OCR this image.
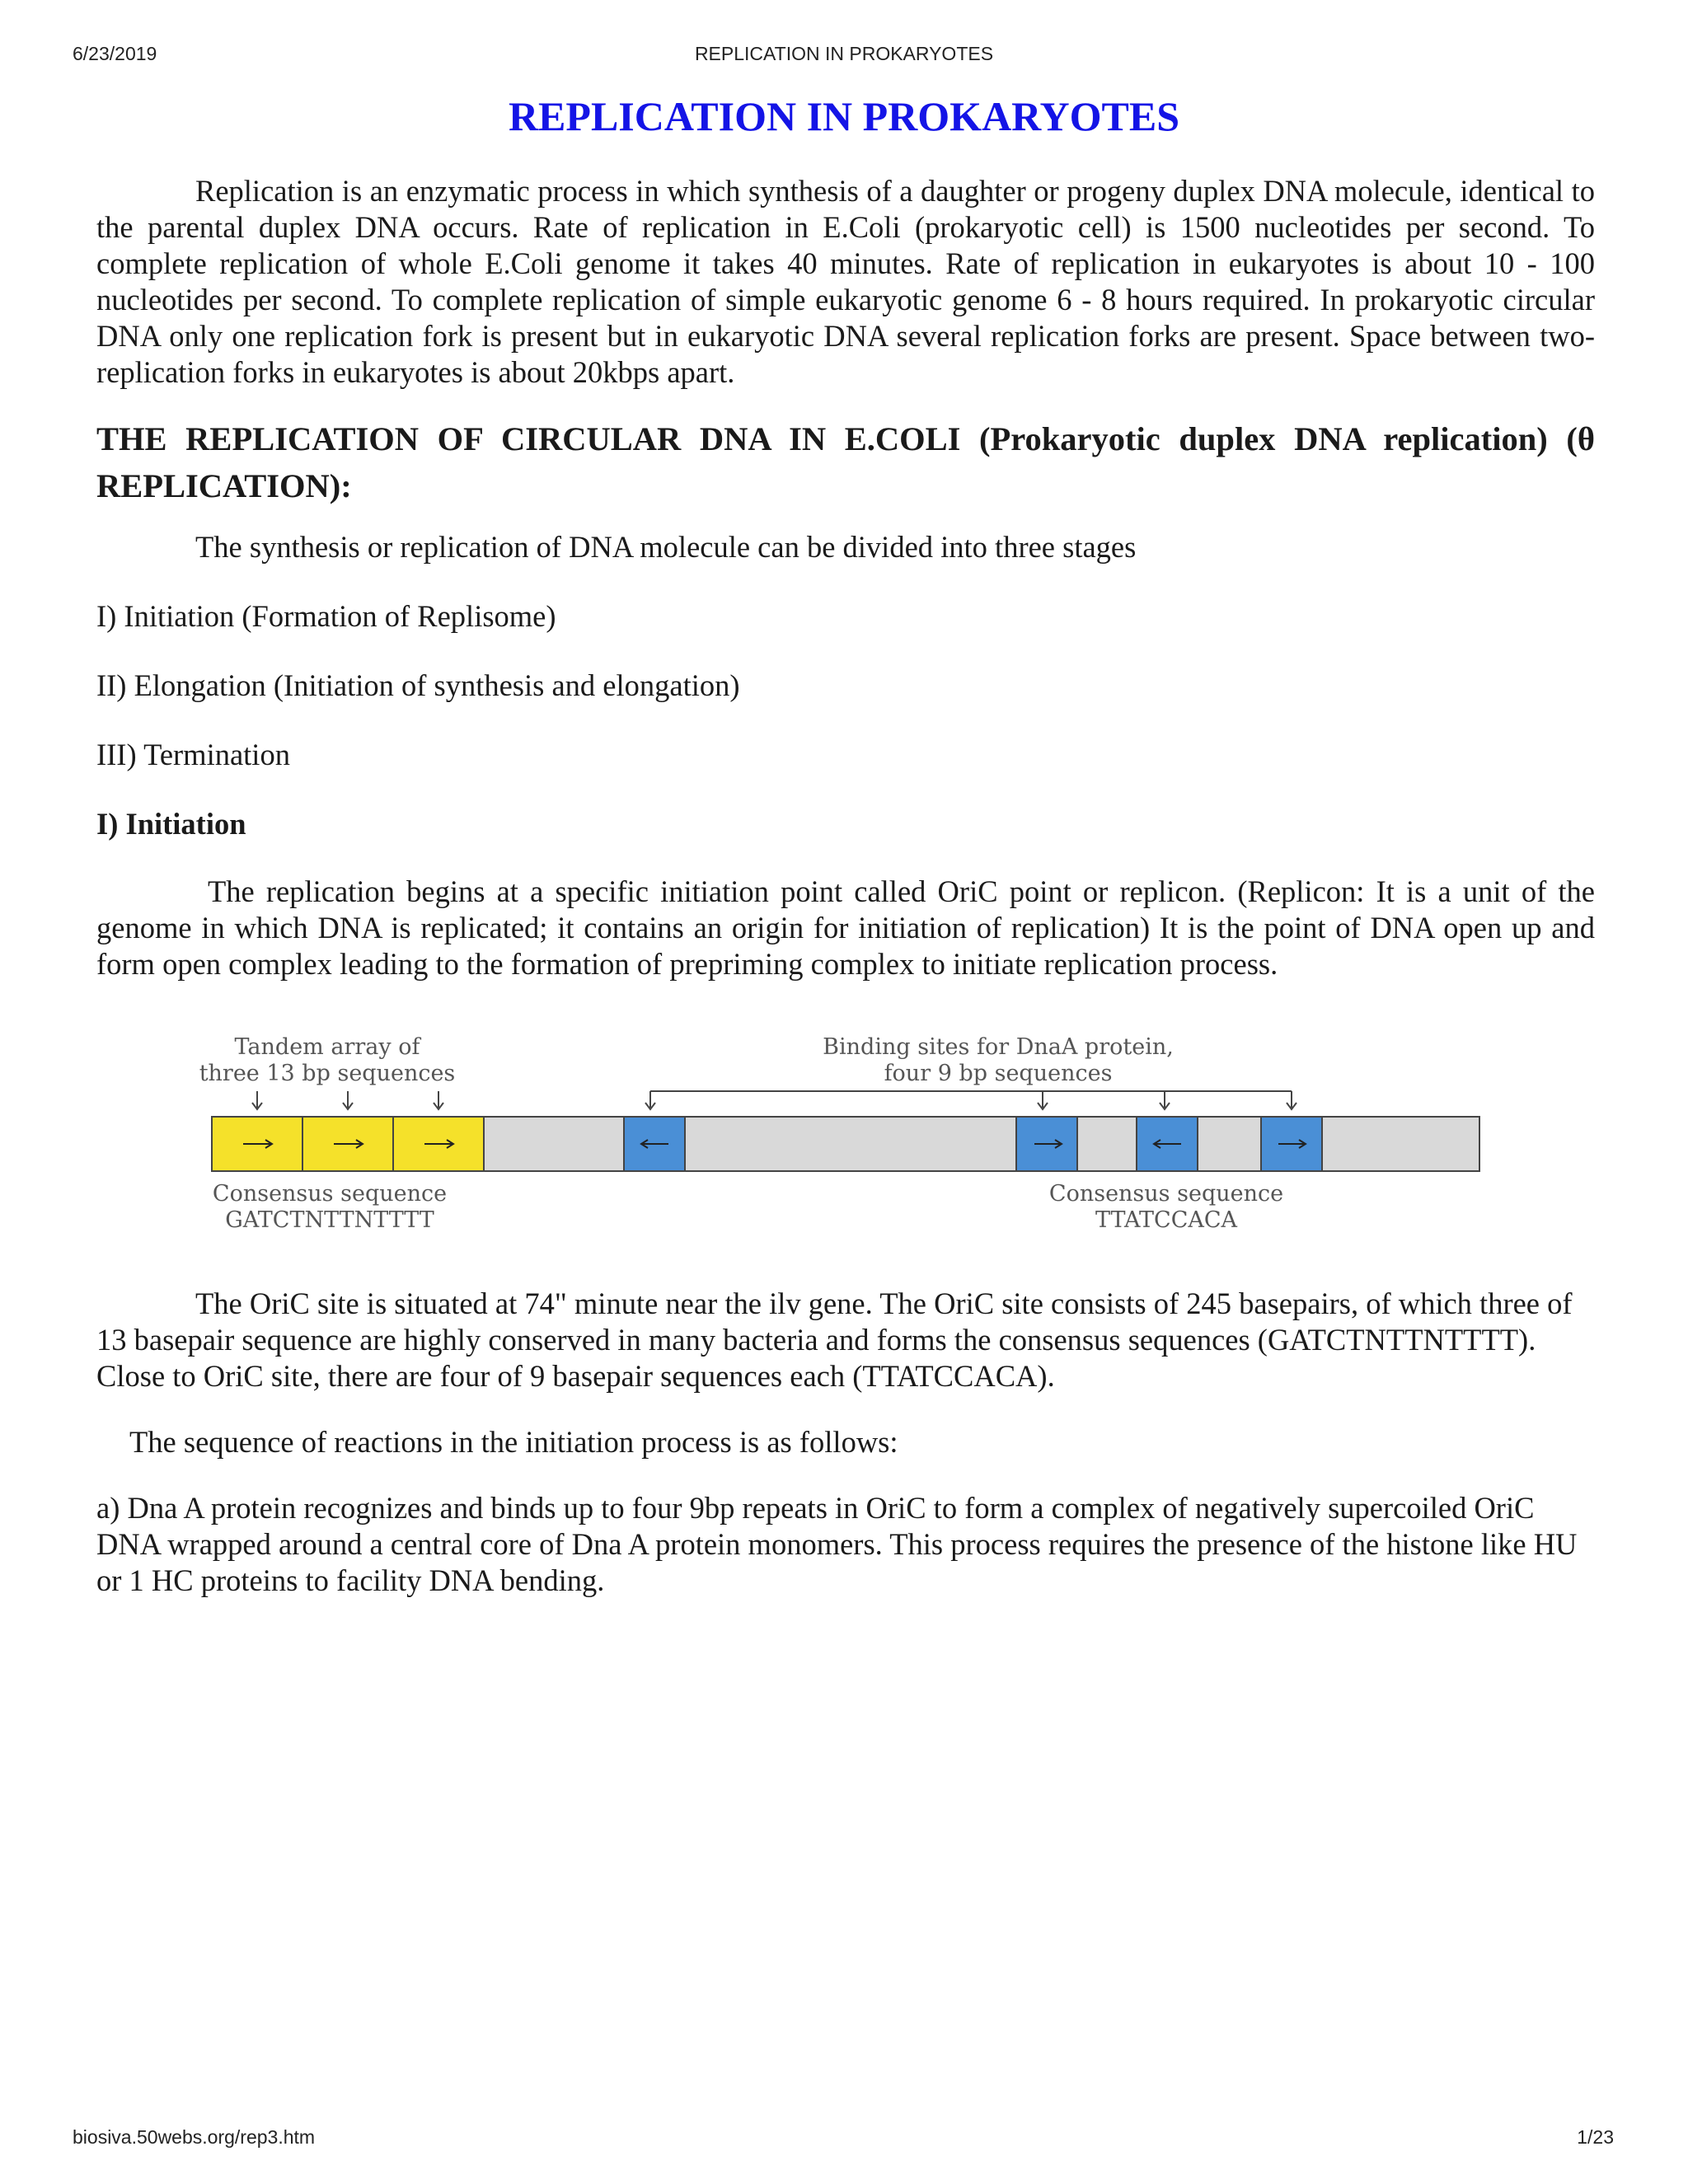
6/23/2019	REPLICATION IN PROKARYOTES
REPLICATION IN PROKARYOTES

Replication is an enzymatic process in which synthesis of a daughter or progeny duplex DNA molecule, identical to the parental duplex DNA occurs. Rate of replication in E.Coli (prokaryotic cell) is 1500 nucleotides per second. To complete replication of whole E.Coli genome it takes 40 minutes. Rate of replication in eukaryotes is about 10 - 100 nucleotides per second. To complete replication of simple eukaryotic genome 6 - 8 hours required. In prokaryotic circular DNA only one replication fork is present but in eukaryotic DNA several replication forks are present. Space between two-replication forks in eukaryotes is about 20kbps apart.

THE REPLICATION OF CIRCULAR DNA IN E.COLI (Prokaryotic duplex DNA replication) (θ REPLICATION):

The synthesis or replication of DNA molecule can be divided into three stages

I) Initiation (Formation of Replisome)

II) Elongation (Initiation of synthesis and elongation)

III) Termination

I) Initiation

The replication begins at a specific initiation point called OriC point or replicon. (Replicon: It is a unit of the genome in which DNA is replicated; it contains an origin for initiation of replication) It is the point of DNA open up and form open complex leading to the formation of prepriming complex to initiate replication process.

Tandem array of
three 13 bp sequences
Binding sites for DnaA protein,
four 9 bp sequences
Consensus sequence
GATCTNTTNTTTT
Consensus sequence
TTATCCACA

The OriC site is situated at 74" minute near the ilv gene. The OriC site consists of 245 basepairs, of which three of 13 basepair sequence are highly conserved in many bacteria and forms the consensus sequences (GATCTNTTNTTTT). Close to OriC site, there are four of 9 basepair sequences each (TTATCCACA).

The sequence of reactions in the initiation process is as follows:

a) Dna A protein recognizes and binds up to four 9bp repeats in OriC to form a complex of negatively supercoiled OriC DNA wrapped around a central core of Dna A protein monomers. This process requires the presence of the histone like HU or 1 HC proteins to facility DNA bending.

biosiva.50webs.org/rep3.htm	1/23
